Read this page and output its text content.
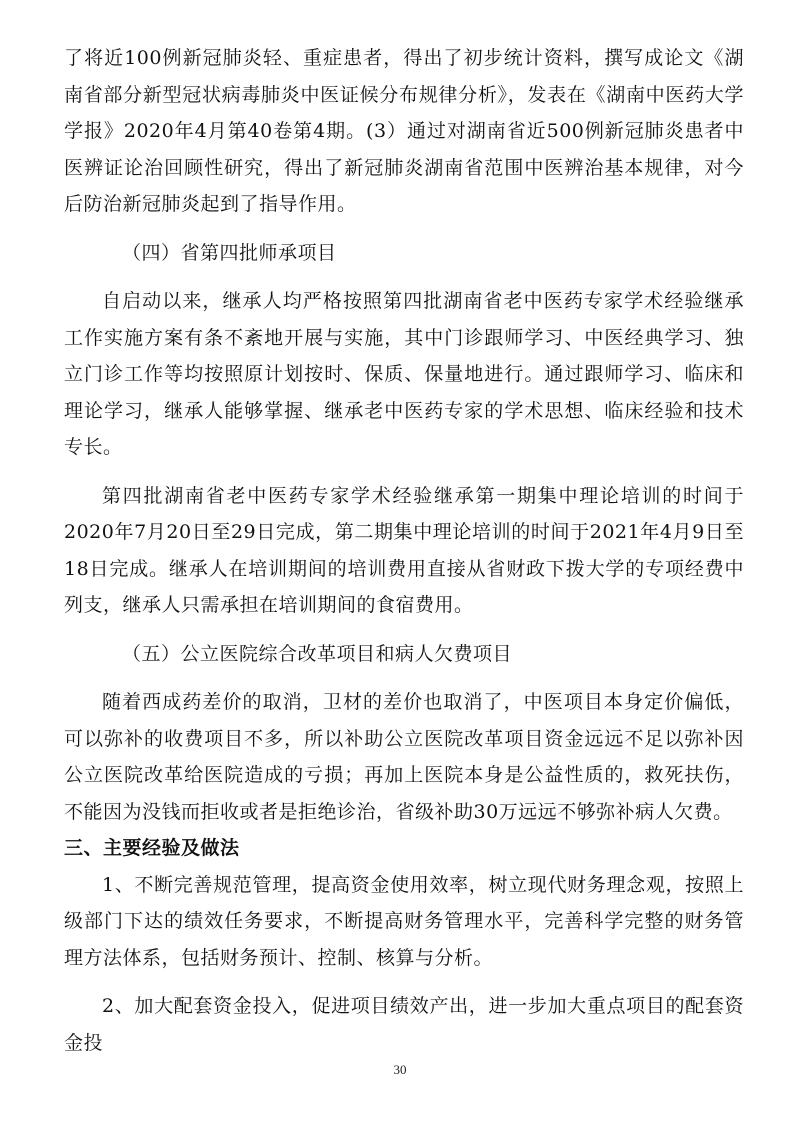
了将近100例新冠肺炎轻、重症患者，得出了初步统计资料，撰写成论文《湖南省部分新型冠状病毒肺炎中医证候分布规律分析》，发表在《湖南中医药大学学报》2020年4月第40卷第4期。(3）通过对湖南省近500例新冠肺炎患者中医辨证论治回顾性研究，得出了新冠肺炎湖南省范围中医辨治基本规律，对今后防治新冠肺炎起到了指导作用。

（四）省第四批师承项目

自启动以来，继承人均严格按照第四批湖南省老中医药专家学术经验继承工作实施方案有条不紊地开展与实施，其中门诊跟师学习、中医经典学习、独立门诊工作等均按照原计划按时、保质、保量地进行。通过跟师学习、临床和理论学习，继承人能够掌握、继承老中医药专家的学术思想、临床经验和技术专长。

第四批湖南省老中医药专家学术经验继承第一期集中理论培训的时间于2020年7月20日至29日完成，第二期集中理论培训的时间于2021年4月9日至18日完成。继承人在培训期间的培训费用直接从省财政下拨大学的专项经费中列支，继承人只需承担在培训期间的食宿费用。

（五）公立医院综合改革项目和病人欠费项目

随着西成药差价的取消，卫材的差价也取消了，中医项目本身定价偏低，可以弥补的收费项目不多，所以补助公立医院改革项目资金远远不足以弥补因公立医院改革给医院造成的亏损；再加上医院本身是公益性质的，救死扶伤，不能因为没钱而拒收或者是拒绝诊治，省级补助30万远远不够弥补病人欠费。

三、主要经验及做法

1、不断完善规范管理，提高资金使用效率，树立现代财务理念观，按照上级部门下达的绩效任务要求，不断提高财务管理水平，完善科学完整的财务管理方法体系，包括财务预计、控制、核算与分析。

2、加大配套资金投入，促进项目绩效产出，进一步加大重点项目的配套资金投

30
